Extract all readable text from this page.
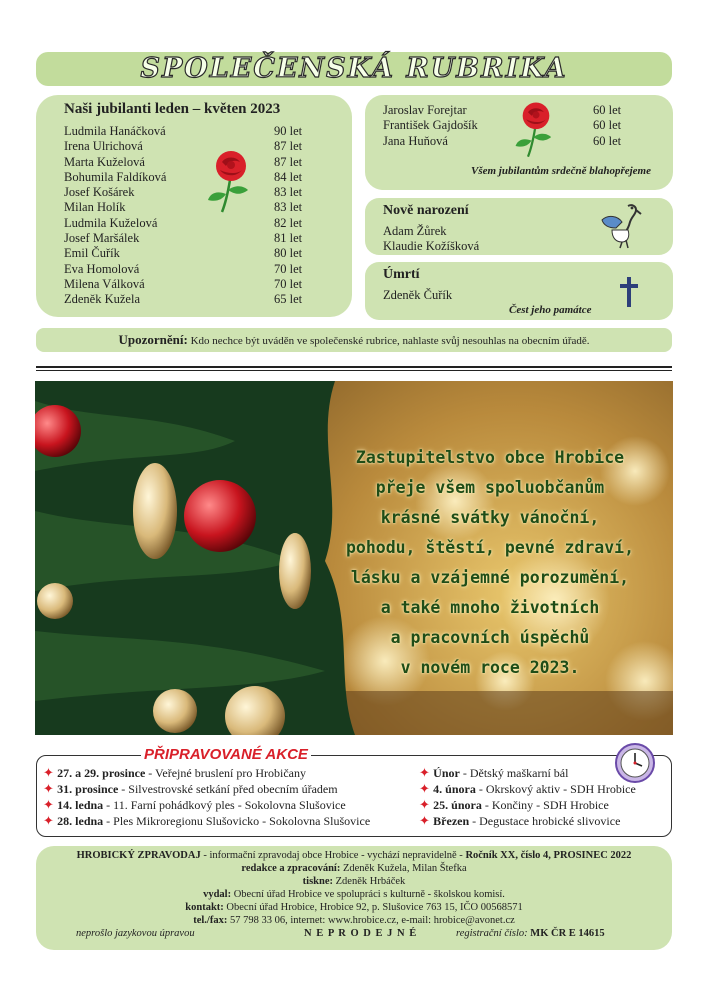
SPOLEČENSKÁ RUBRIKA
Naši jubilanti leden – květen 2023
Ludmila Hanáčková	90 let
Irena Ulrichová	87 let
Marta Kuželová	87 let
Bohumila Faldíková	84 let
Josef Košárek	83 let
Milan Holík	83 let
Ludmila Kuželová	82 let
Josef Maršálek	81 let
Emil Čuřík	80 let
Eva Homolová	70 let
Milena Válková	70 let
Zdeněk Kužela	65 let
Jaroslav Forejtar	60 let
František Gajdošík	60 let
Jana Huňová	60 let
Všem jubilantům srdečně blahopřejeme
Nově narození
Adam Žůrek
Klaudie Kožíšková
Úmrtí
Zdeněk Čuřík
Čest jeho památce
Upozornění: Kdo nechce být uváděn ve společenské rubrice, nahlaste svůj nesouhlas na obecním úřadě.
Zastupitelstvo obce Hrobice
přeje všem spoluobčanům
krásné svátky vánoční,
pohodu, štěstí, pevné zdraví,
lásku a vzájemné porozumění,
a také mnoho životních
a pracovních úspěchů
v novém roce 2023.
PŘIPRAVOVANÉ AKCE
✦ 27. a 29. prosince - Veřejné bruslení pro Hrobičany
✦ 31. prosince - Silvestrovské setkání před obecním úřadem
✦ 14. ledna - 11. Farní pohádkový ples - Sokolovna Slušovice
✦ 28. ledna - Ples Mikroregionu Slušovicko - Sokolovna Slušovice
✦ Únor - Dětský maškarní bál
✦ 4. února - Okrskový aktiv - SDH Hrobice
✦ 25. února - Končiny - SDH Hrobice
✦ Březen - Degustace hrobické slivovice
HROBICKÝ ZPRAVODAJ - informační zpravodaj obce Hrobice - vychází nepravidelně - Ročník XX, číslo 4, PROSINEC 2022
redakce a zpracování: Zdeněk Kužela, Milan Štefka
tiskne: Zdeněk Hrbáček
vydal: Obecní úřad Hrobice ve spolupráci s kulturně - školskou komisí.
kontakt: Obecní úřad Hrobice, Hrobice 92, p. Slušovice 763 15, IČO 00568571
tel./fax: 57 798 33 06, internet: www.hrobice.cz, e-mail: hrobice@avonet.cz
neprošlo jazykovou úpravou	N E P R O D E J N É	registrační číslo: MK ČR E 14615
